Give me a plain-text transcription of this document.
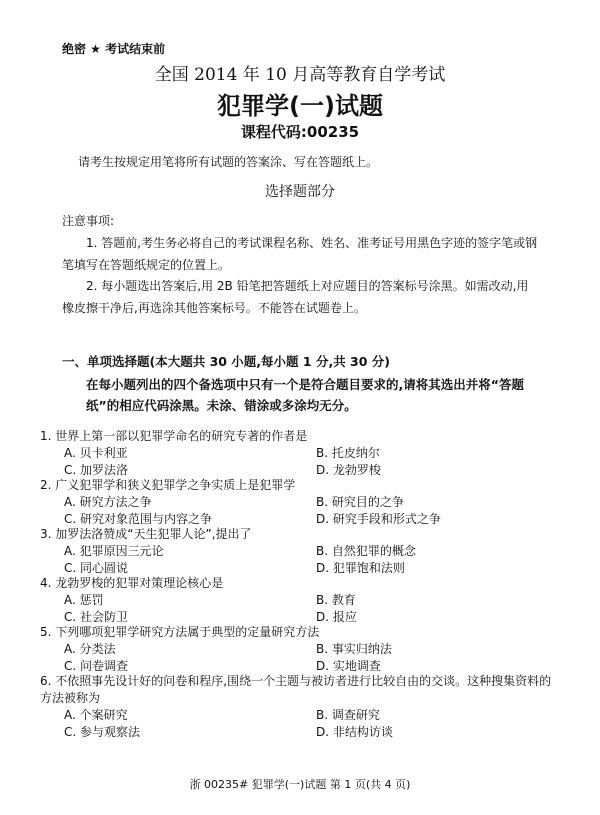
绝密 ★ 考试结束前
全国 2014 年 10 月高等教育自学考试
犯罪学(一)试题
课程代码:00235
请考生按规定用笔将所有试题的答案涂、写在答题纸上。
选择题部分
注意事项:
1. 答题前,考生务必将自己的考试课程名称、姓名、准考证号用黑色字迹的签字笔或钢笔填写在答题纸规定的位置上。
2. 每小题选出答案后,用 2B 铅笔把答题纸上对应题目的答案标号涂黑。如需改动,用橡皮擦干净后,再选涂其他答案标号。不能答在试题卷上。
一、单项选择题(本大题共 30 小题,每小题 1 分,共 30 分)
在每小题列出的四个备选项中只有一个是符合题目要求的,请将其选出并将“答题纸”的相应代码涂黑。未涂、错涂或多涂均无分。
1. 世界上第一部以犯罪学命名的研究专著的作者是
A. 贝卡利亚	B. 托皮纳尔
C. 加罗法洛	D. 龙勃罗梭
2. 广义犯罪学和狭义犯罪学之争实质上是犯罪学
A. 研究方法之争	B. 研究目的之争
C. 研究对象范围与内容之争	D. 研究手段和形式之争
3. 加罗法洛赞成“天生犯罪人论”,提出了
A. 犯罪原因三元论	B. 自然犯罪的概念
C. 同心圆说	D. 犯罪饱和法则
4. 龙勃罗梭的犯罪对策理论核心是
A. 惩罚	B. 教育
C. 社会防卫	D. 报应
5. 下列哪项犯罪学研究方法属于典型的定量研究方法
A. 分类法	B. 事实归纳法
C. 问卷调查	D. 实地调查
6. 不依照事先设计好的问卷和程序,围绕一个主题与被访者进行比较自由的交谈。这种搜集资料的方法被称为
A. 个案研究	B. 调查研究
C. 参与观察法	D. 非结构访谈
浙 00235# 犯罪学(一)试题 第 1 页(共 4 页)
